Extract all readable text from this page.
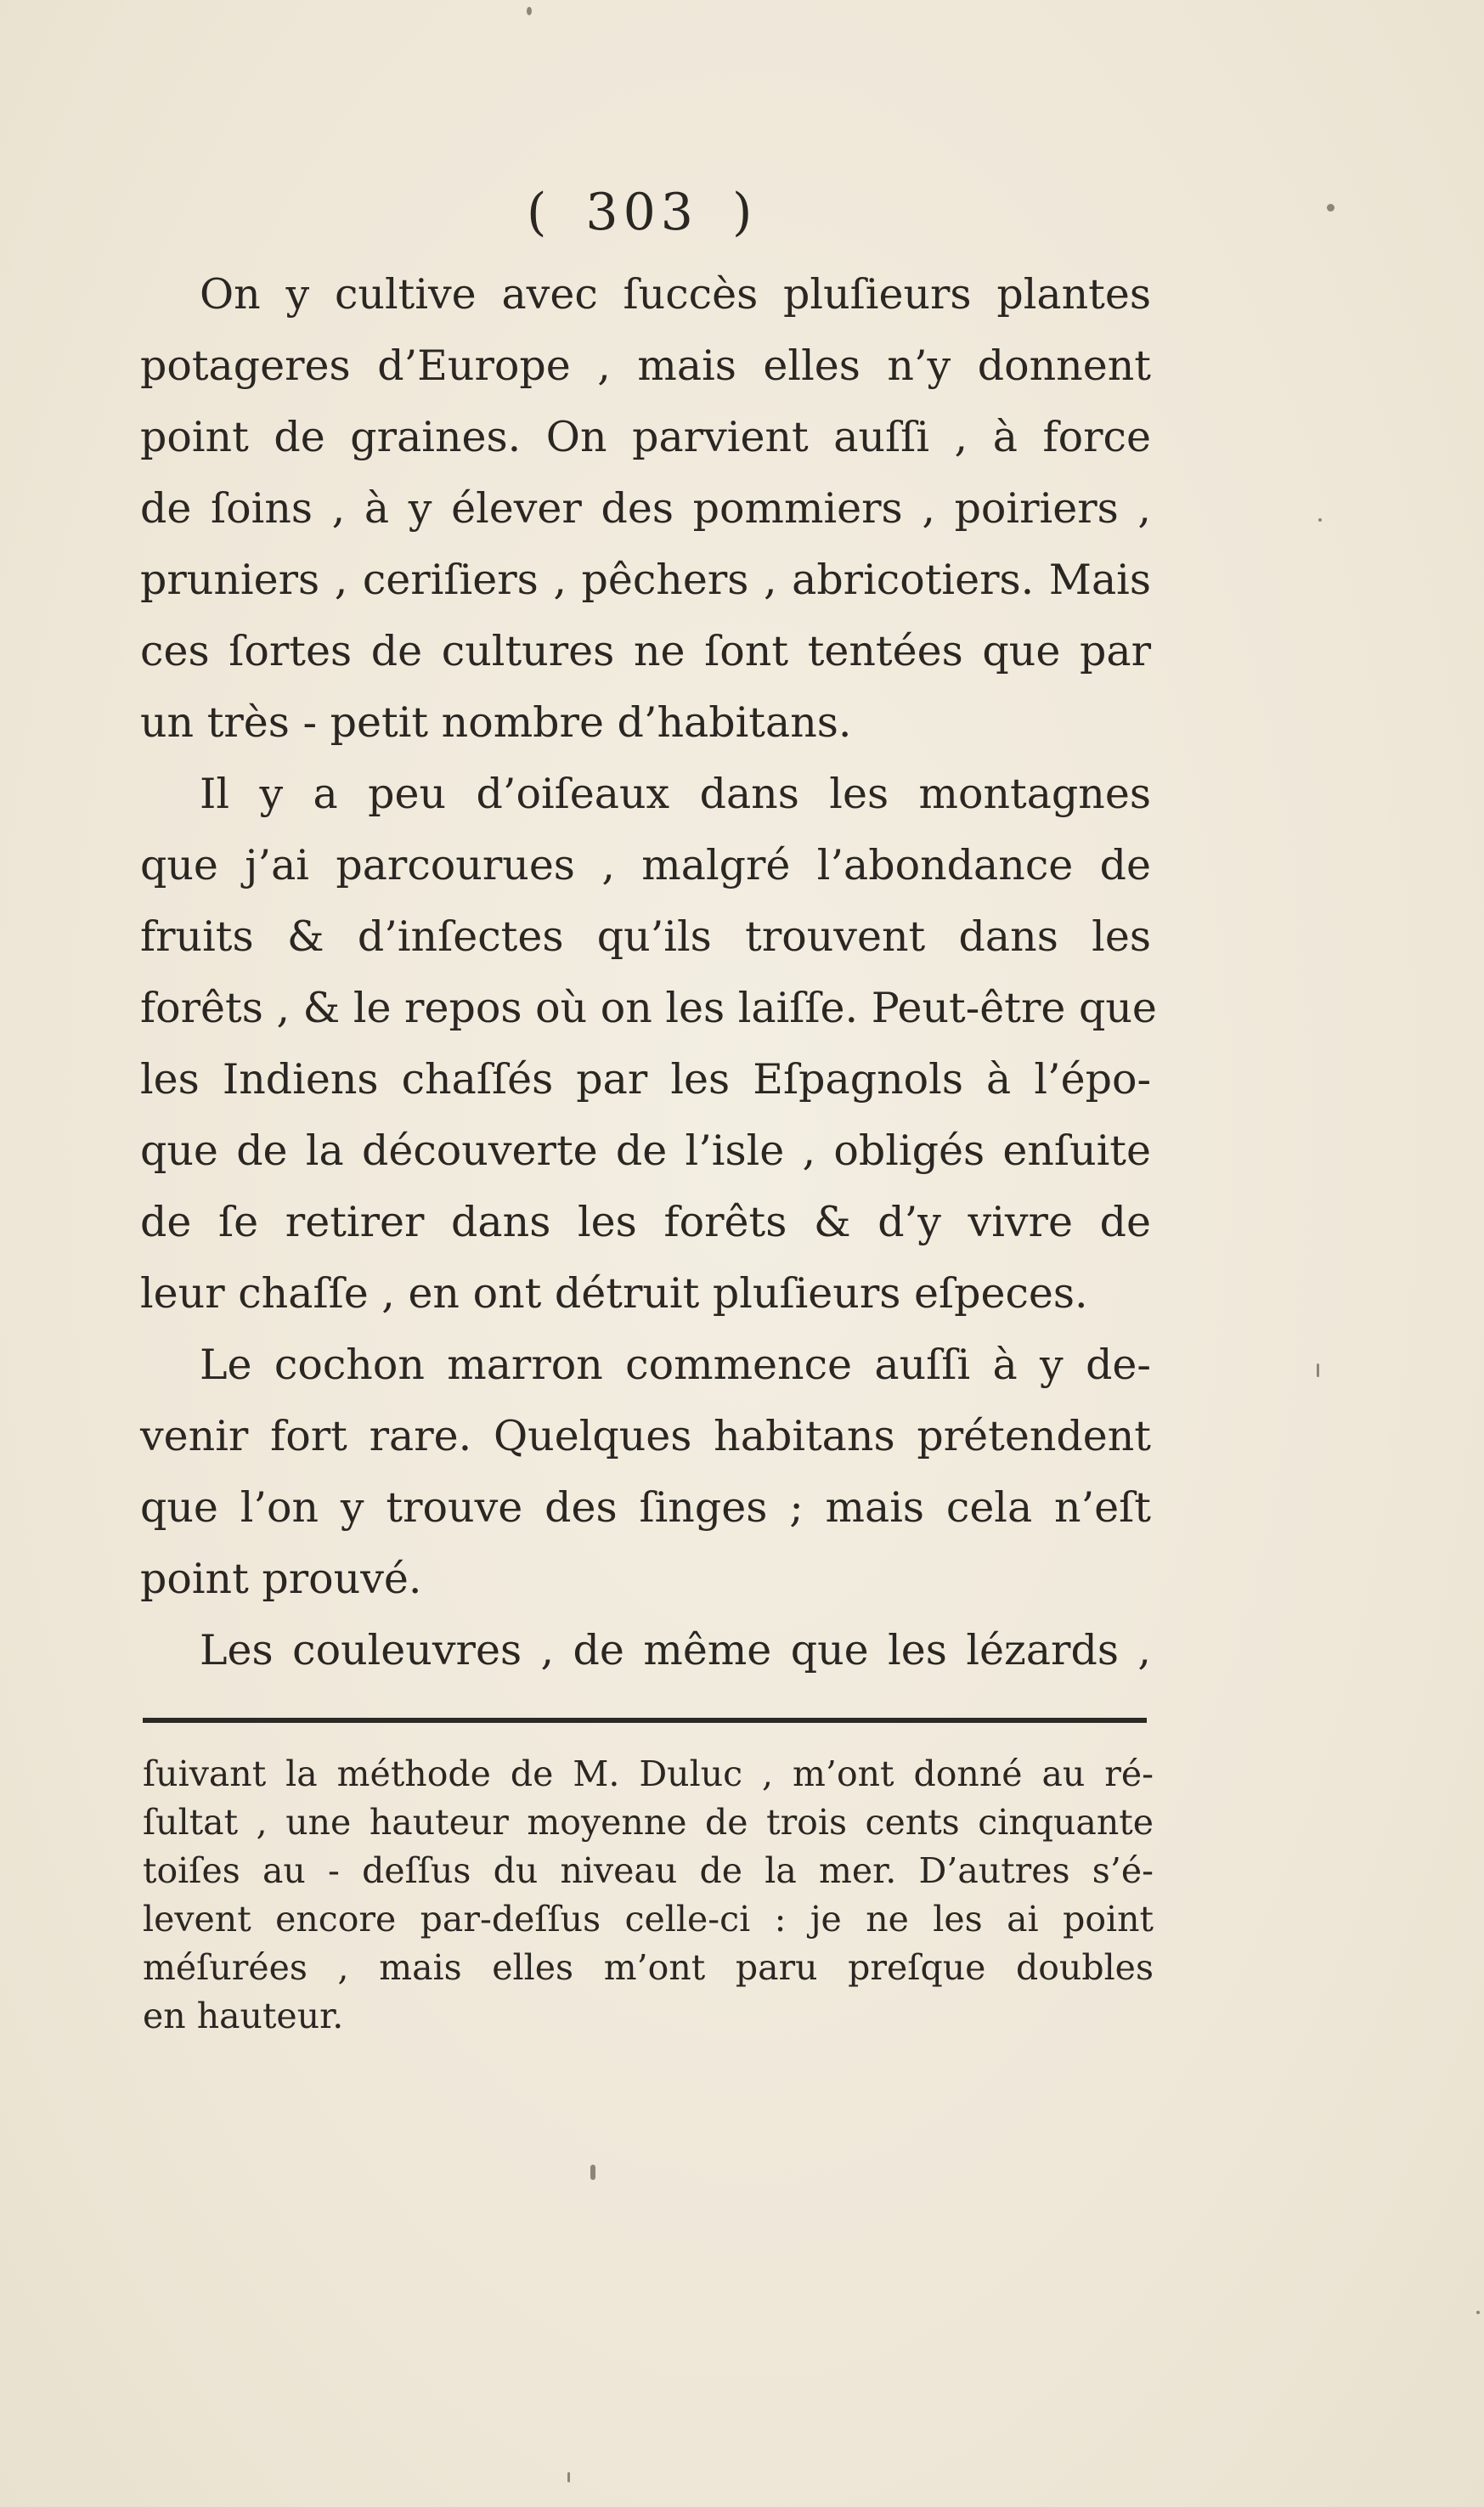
( 303 )
On y cultive avec ſuccès pluſieurs plantes
potageres d’Europe , mais elles n’y donnent
point de graines. On parvient auſſi , à force
de ſoins , à y élever des pommiers , poiriers ,
pruniers , ceriſiers , pêchers , abricotiers. Mais
ces ſortes de cultures ne ſont tentées que par
un très - petit nombre d’habitans.
Il y a peu d’oiſeaux dans les montagnes
que j’ai parcourues , malgré l’abondance de
fruits & d’inſectes qu’ils trouvent dans les
forêts , & le repos où on les laiſſe. Peut-être que
les Indiens chaſſés par les Eſpagnols à l’épo-
que de la découverte de l’isle , obligés enſuite
de ſe retirer dans les forêts & d’y vivre de
leur chaſſe , en ont détruit pluſieurs eſpeces.
Le cochon marron commence auſſi à y de-
venir fort rare. Quelques habitans prétendent
que l’on y trouve des ſinges ; mais cela n’eſt
point prouvé.
Les couleuvres , de même que les lézards ,
ſuivant la méthode de M. Duluc , m’ont donné au ré-
ſultat , une hauteur moyenne de trois cents cinquante
toiſes au - deſſus du niveau de la mer. D’autres s’é-
levent encore par-deſſus celle-ci : je ne les ai point
méſurées , mais elles m’ont paru preſque doubles
en hauteur.
